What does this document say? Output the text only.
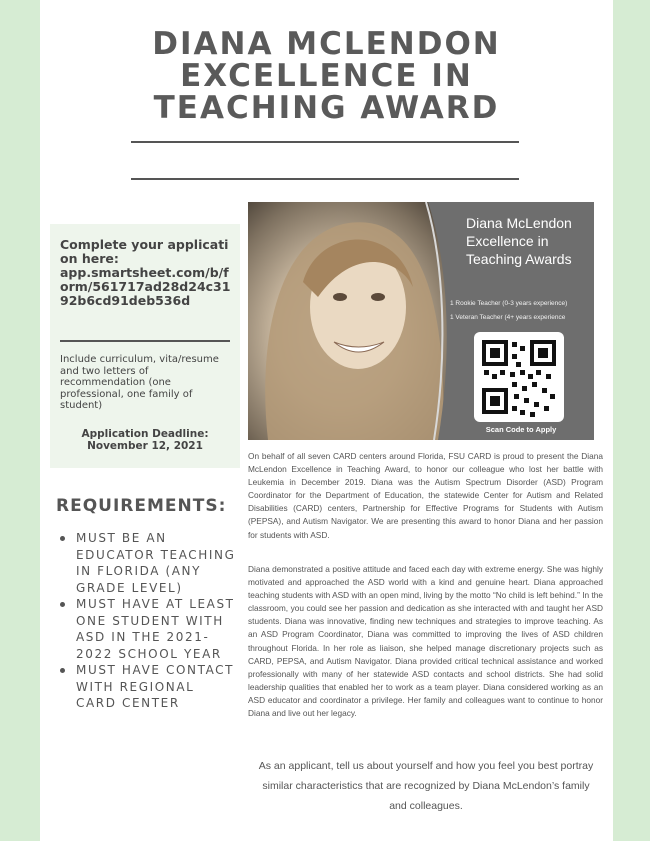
DIANA MCLENDON
EXCELLENCE IN
TEACHING AWARD
Complete your application here:
app.smartsheet.com/b/form/561717ad28d24c3192b6cd91deb536d
Include curriculum, vita/resume and two letters of recommendation (one professional, one family of student)
Application Deadline:
November 12, 2021
REQUIREMENTS:
MUST BE AN EDUCATOR TEACHING IN FLORIDA (ANY GRADE LEVEL)
MUST HAVE AT LEAST ONE STUDENT WITH ASD IN THE 2021-2022 SCHOOL YEAR
MUST HAVE CONTACT WITH REGIONAL CARD CENTER
Diana McLendon Excellence in Teaching Awards
1 Rookie Teacher (0-3 years experience)
1 Veteran Teacher (4+ years experience
Scan Code to Apply
On behalf of all seven CARD centers around Florida, FSU CARD is proud to present the Diana McLendon Excellence in Teaching Award, to honor our colleague who lost her battle with Leukemia in December 2019. Diana was the Autism Spectrum Disorder (ASD) Program Coordinator for the Department of Education, the statewide Center for Autism and Related Disabilities (CARD) centers, Partnership for Effective Programs for Students with Autism (PEPSA), and Autism Navigator. We are presenting this award to honor Diana and her passion for students with ASD.
Diana demonstrated a positive attitude and faced each day with extreme energy. She was highly motivated and approached the ASD world with a kind and genuine heart. Diana approached teaching students with ASD with an open mind, living by the motto “No child is left behind.” In the classroom, you could see her passion and dedication as she interacted with and taught her ASD students. Diana was innovative, finding new techniques and strategies to improve teaching. As an ASD Program Coordinator, Diana was committed to improving the lives of ASD children throughout Florida. In her role as liaison, she helped manage discretionary projects such as CARD, PEPSA, and Autism Navigator. Diana provided critical technical assistance and worked professionally with many of her statewide ASD contacts and school districts. She had solid leadership qualities that enabled her to work as a team player. Diana considered working as an ASD educator and coordinator a privilege. Her family and colleagues want to continue to honor Diana and live out her legacy.
As an applicant, tell us about yourself and how you feel you best portray similar characteristics that are recognized by Diana McLendon’s family and colleagues.
